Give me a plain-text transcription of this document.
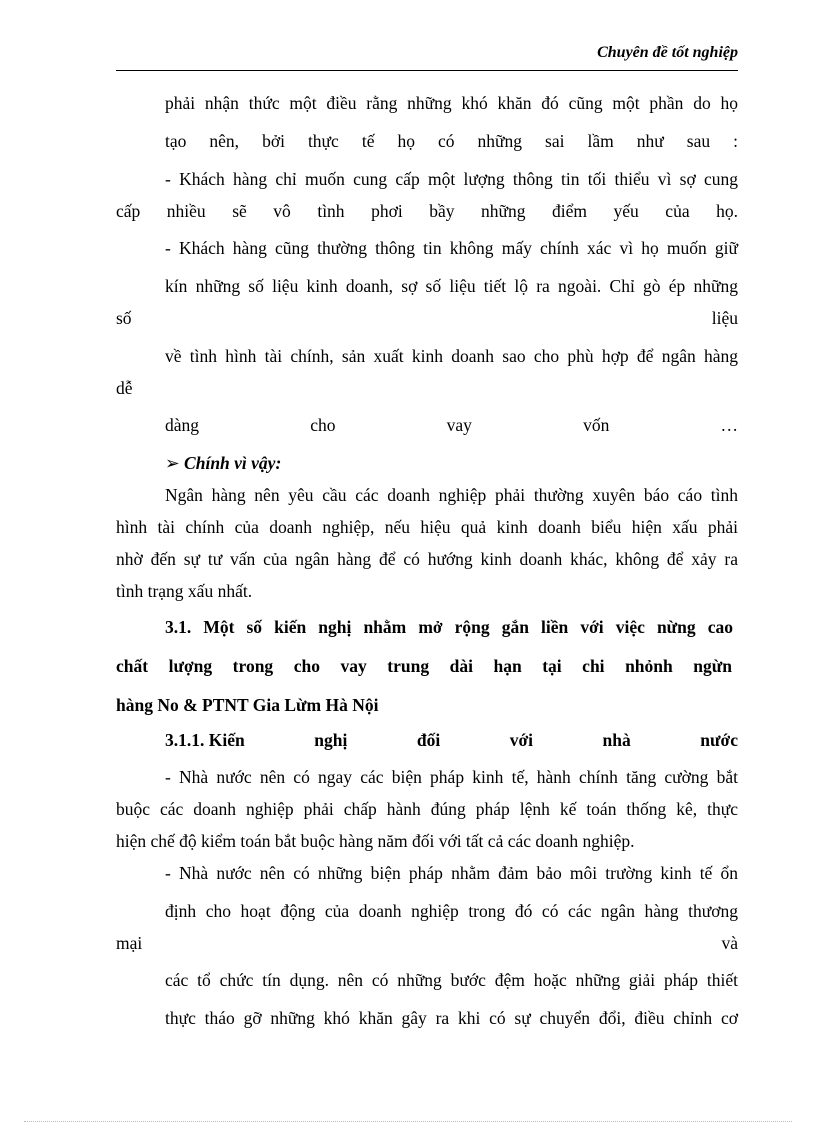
Chuyên đề tốt nghiệp
phải nhận thức một điều rằng những khó khăn đó cũng một phần do họ
tạo nên, bởi thực tế họ có những sai lầm như sau :
- Khách hàng chỉ muốn cung cấp một lượng thông tin tối thiểu vì sợ cung
cấp nhiều sẽ vô tình phơi bầy những điểm yếu của họ.
- Khách hàng cũng thường thông tin không mấy chính xác vì họ muốn giữ
kín những số liệu kinh doanh, sợ số liệu tiết lộ ra ngoài. Chỉ gò ép những
số	liệu
về tình hình tài chính, sản xuất kinh doanh sao cho phù hợp để ngân hàng
dễ
dàng	cho	vay	vốn	…
➢ Chính vì vậy:
Ngân hàng nên yêu cầu các doanh nghiệp phải thường xuyên báo cáo tình
hình tài chính của doanh nghiệp, nếu hiệu quả kinh doanh biểu hiện xấu phải
nhờ đến sự tư vấn của ngân hàng để có hướng kinh doanh khác, không để xảy ra
tình trạng xấu nhất.
3.1. Một số kiến nghị nhằm mở rộng gắn liền với việc nừng cao
chất lượng trong cho vay trung dài hạn tại chi nhỏnh ngừn
hàng No & PTNT Gia Lừm Hà Nội
3.1.1. Kiến	nghị	đối	với	nhà	nước
- Nhà nước nên có ngay các biện pháp kinh tế, hành chính tăng cường bắt
buộc các doanh nghiệp phải chấp hành đúng pháp lệnh kế toán thống kê, thực
hiện chế độ kiểm toán bắt buộc hàng năm đối với tất cả các doanh nghiệp.
- Nhà nước nên có những biện pháp nhằm đảm bảo môi trường kinh tế ổn
định cho hoạt động của doanh nghiệp trong đó có các ngân hàng thương
mại	và
các tổ chức tín dụng. nên có những bước đệm hoặc những giải pháp thiết
thực tháo gỡ những khó khăn gây ra khi có sự chuyển đổi, điều chỉnh cơ
